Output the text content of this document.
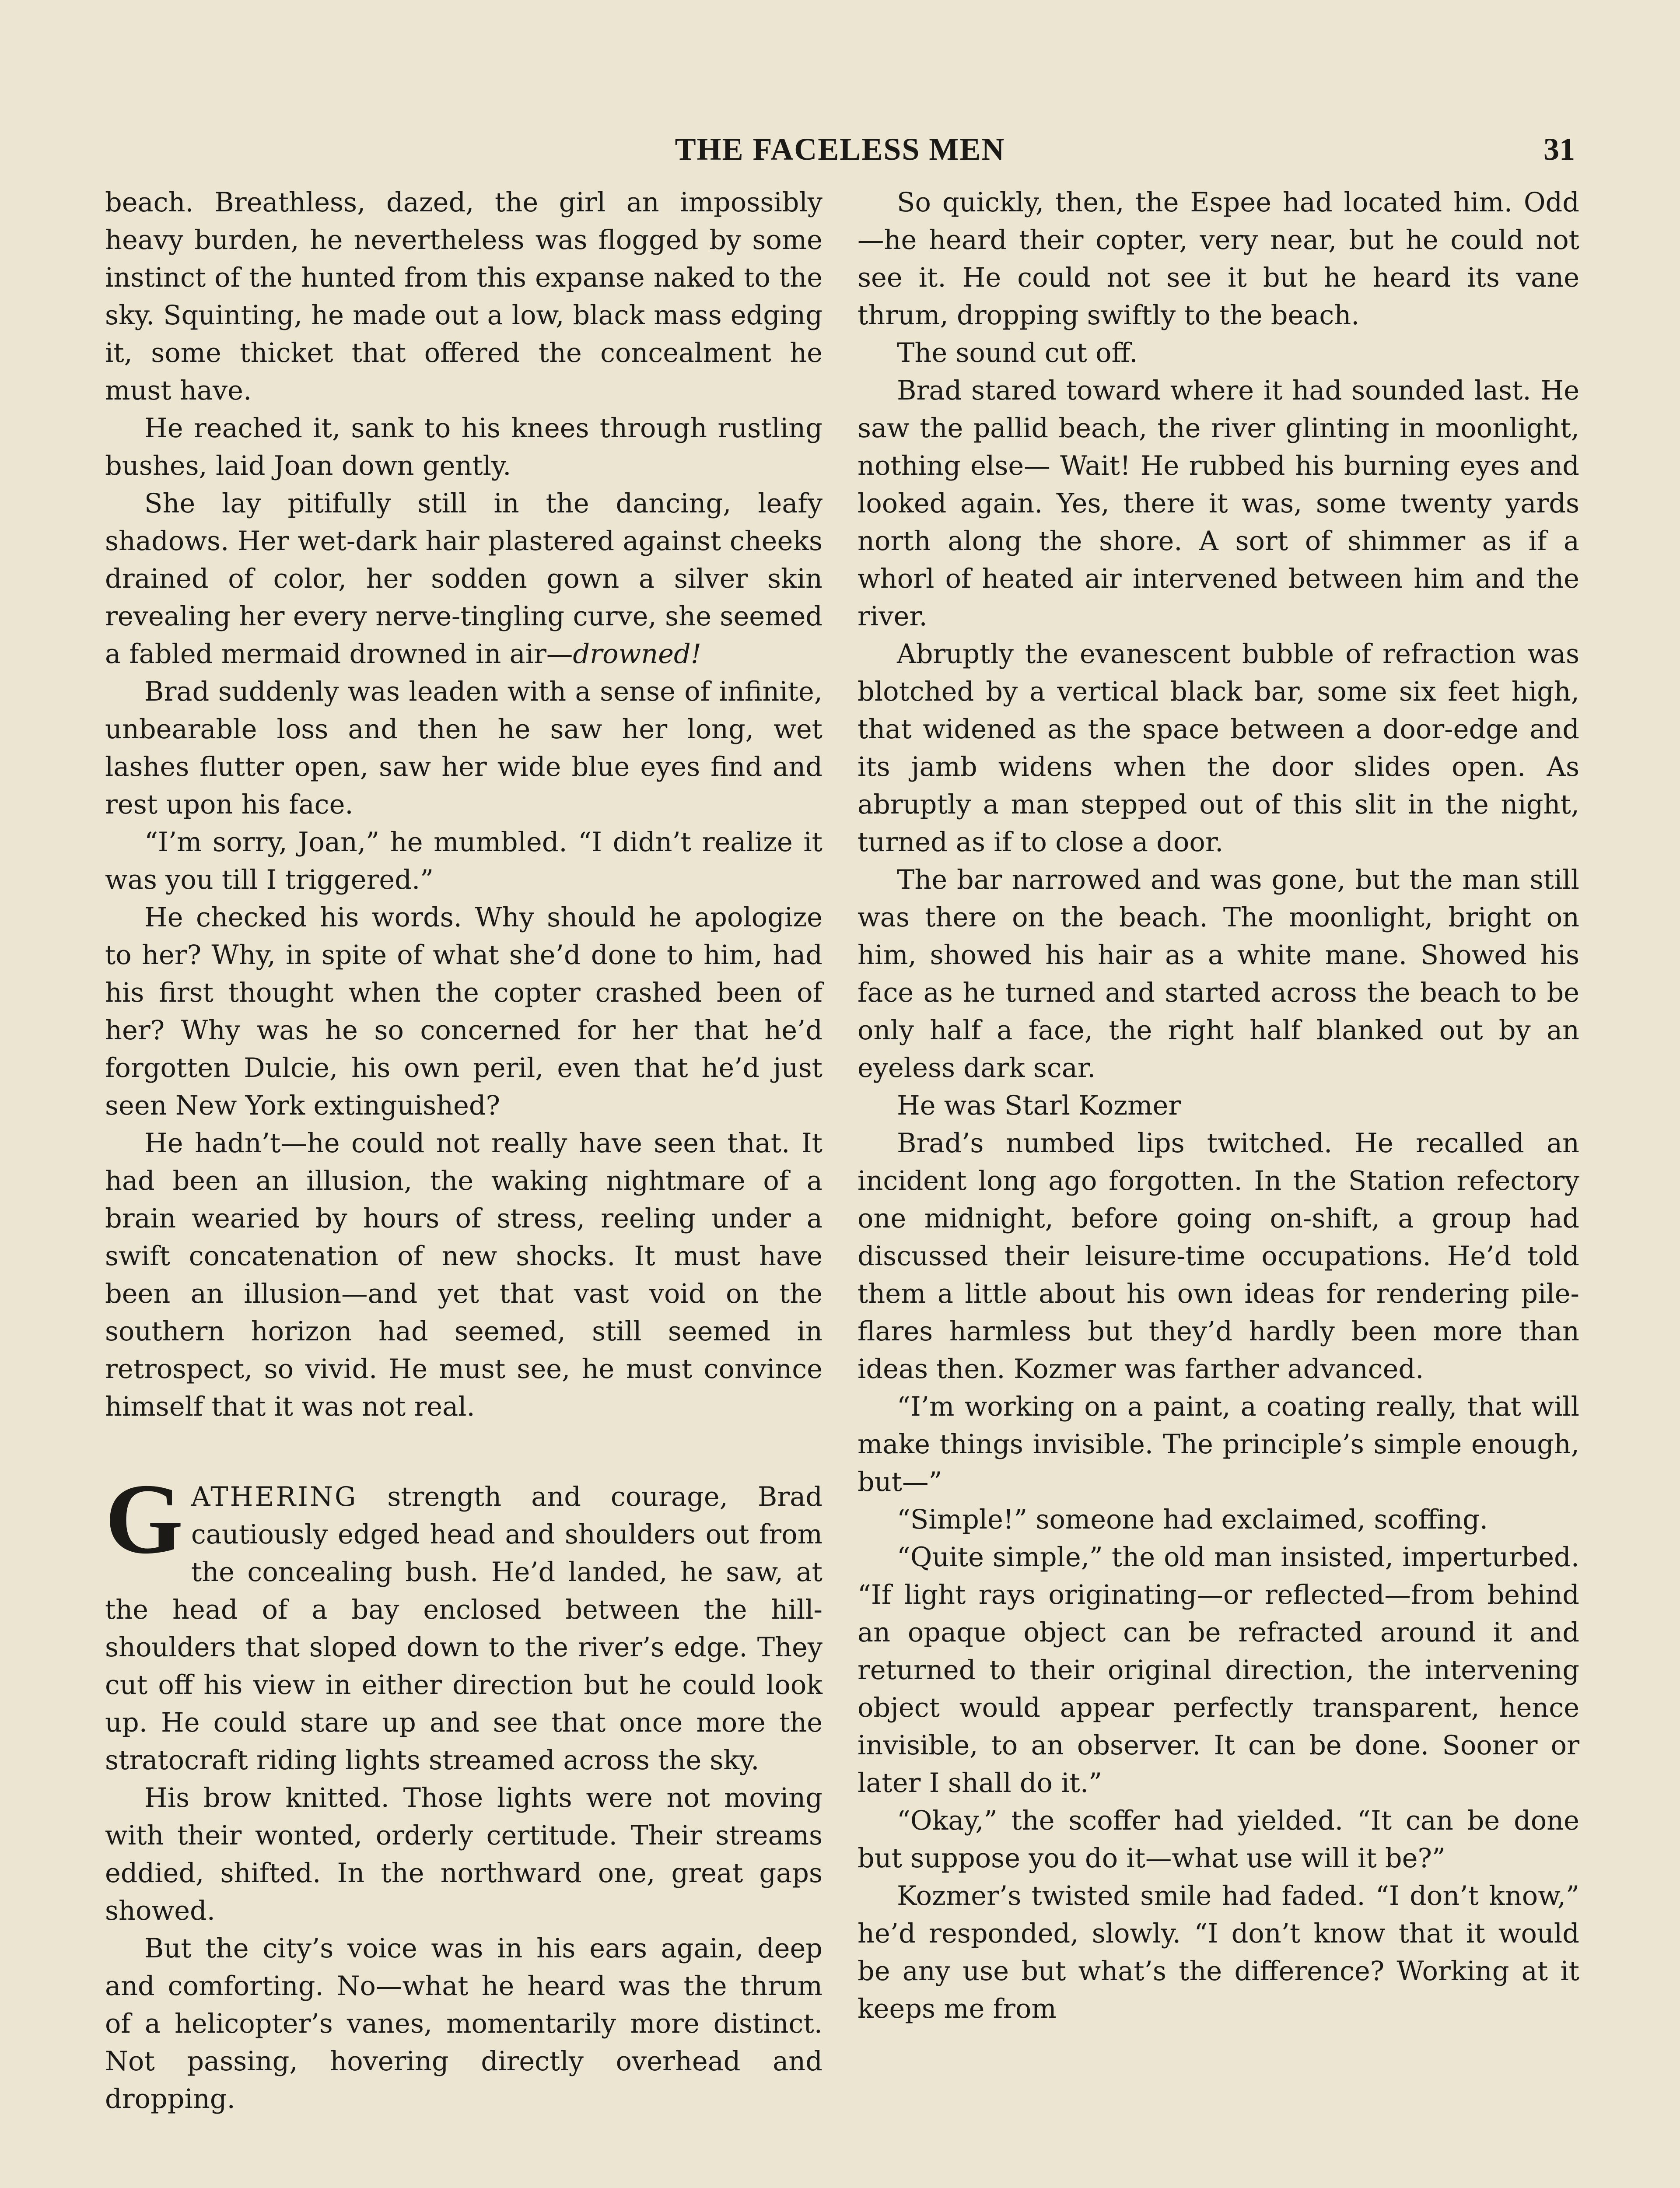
THE FACELESS MEN	31

beach. Breathless, dazed, the girl an impossibly heavy burden, he nevertheless was flogged by some instinct of the hunted from this expanse naked to the sky. Squinting, he made out a low, black mass edging it, some thicket that offered the concealment he must have.

He reached it, sank to his knees through rustling bushes, laid Joan down gently.

She lay pitifully still in the dancing, leafy shadows. Her wet-dark hair plastered against cheeks drained of color, her sodden gown a silver skin revealing her every nerve-tingling curve, she seemed a fabled mermaid drowned in air—drowned!

Brad suddenly was leaden with a sense of infinite, unbearable loss and then he saw her long, wet lashes flutter open, saw her wide blue eyes find and rest upon his face.

“I’m sorry, Joan,” he mumbled. “I didn’t realize it was you till I triggered.”

He checked his words. Why should he apologize to her? Why, in spite of what she’d done to him, had his first thought when the copter crashed been of her? Why was he so concerned for her that he’d forgotten Dulcie, his own peril, even that he’d just seen New York extinguished?

He hadn’t—he could not really have seen that. It had been an illusion, the waking nightmare of a brain wearied by hours of stress, reeling under a swift concatenation of new shocks. It must have been an illusion—and yet that vast void on the southern horizon had seemed, still seemed in retrospect, so vivid. He must see, he must convince himself that it was not real.

GATHERING strength and courage, Brad cautiously edged head and shoulders out from the concealing bush. He’d landed, he saw, at the head of a bay enclosed between the hill-shoulders that sloped down to the river’s edge. They cut off his view in either direction but he could look up. He could stare up and see that once more the stratocraft riding lights streamed across the sky.

His brow knitted. Those lights were not moving with their wonted, orderly certitude. Their streams eddied, shifted. In the northward one, great gaps showed.

But the city’s voice was in his ears again, deep and comforting. No—what he heard was the thrum of a helicopter’s vanes, momentarily more distinct. Not passing, hovering directly overhead and dropping.

So quickly, then, the Espee had located him. Odd—he heard their copter, very near, but he could not see it. He could not see it but he heard its vane thrum, dropping swiftly to the beach.

The sound cut off.

Brad stared toward where it had sounded last. He saw the pallid beach, the river glinting in moonlight, nothing else— Wait! He rubbed his burning eyes and looked again. Yes, there it was, some twenty yards north along the shore. A sort of shimmer as if a whorl of heated air intervened between him and the river.

Abruptly the evanescent bubble of refraction was blotched by a vertical black bar, some six feet high, that widened as the space between a door-edge and its jamb widens when the door slides open. As abruptly a man stepped out of this slit in the night, turned as if to close a door.

The bar narrowed and was gone, but the man still was there on the beach. The moonlight, bright on him, showed his hair as a white mane. Showed his face as he turned and started across the beach to be only half a face, the right half blanked out by an eyeless dark scar.

He was Starl Kozmer

Brad’s numbed lips twitched. He recalled an incident long ago forgotten. In the Station refectory one midnight, before going on-shift, a group had discussed their leisure-time occupations. He’d told them a little about his own ideas for rendering pile-flares harmless but they’d hardly been more than ideas then. Kozmer was farther advanced.

“I’m working on a paint, a coating really, that will make things invisible. The principle’s simple enough, but—”

“Simple!” someone had exclaimed, scoffing.

“Quite simple,” the old man insisted, imperturbed. “If light rays originating—or reflected—from behind an opaque object can be refracted around it and returned to their original direction, the intervening object would appear perfectly transparent, hence invisible, to an observer. It can be done. Sooner or later I shall do it.”

“Okay,” the scoffer had yielded. “It can be done but suppose you do it—what use will it be?”

Kozmer’s twisted smile had faded. “I don’t know,” he’d responded, slowly. “I don’t know that it would be any use but what’s the difference? Working at it keeps me from
